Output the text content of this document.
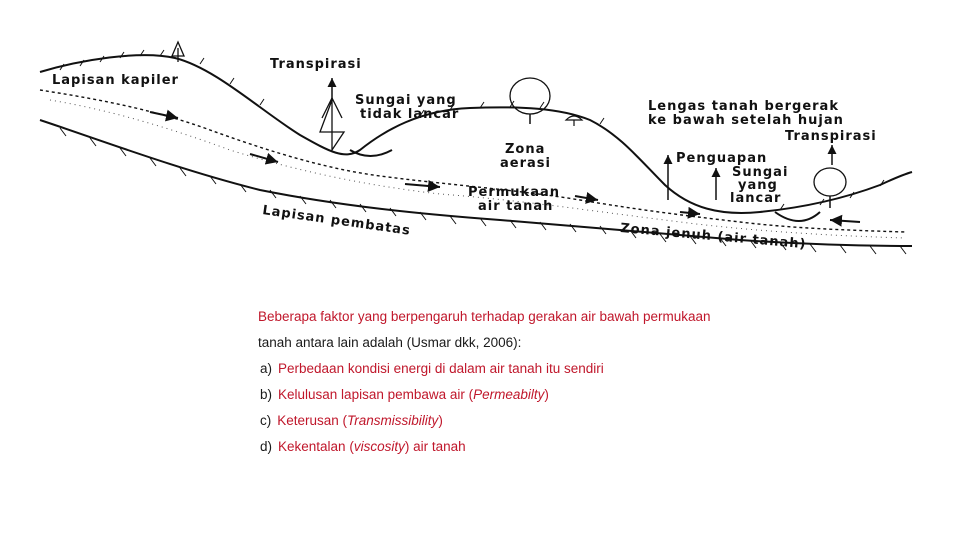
Lapisan kapiler
Transpirasi
Sungai yang
tidak lancar
Lengas tanah bergerak
ke bawah setelah hujan
Transpirasi
Zona
aerasi	Penguapan
Sungai
yang
lancar
Permukaan
air tanah
Lapisan pembatas	Zona jenuh (air tanah)
Beberapa faktor yang berpengaruh terhadap gerakan air bawah permukaan
tanah antara lain adalah (Usmar dkk, 2006):
a) Perbedaan kondisi energi di dalam air tanah itu sendiri
b) Kelulusan lapisan pembawa air (Permeabilty)
c) Keterusan (Transmissibility)
d) Kekentalan (viscosity) air tanah
